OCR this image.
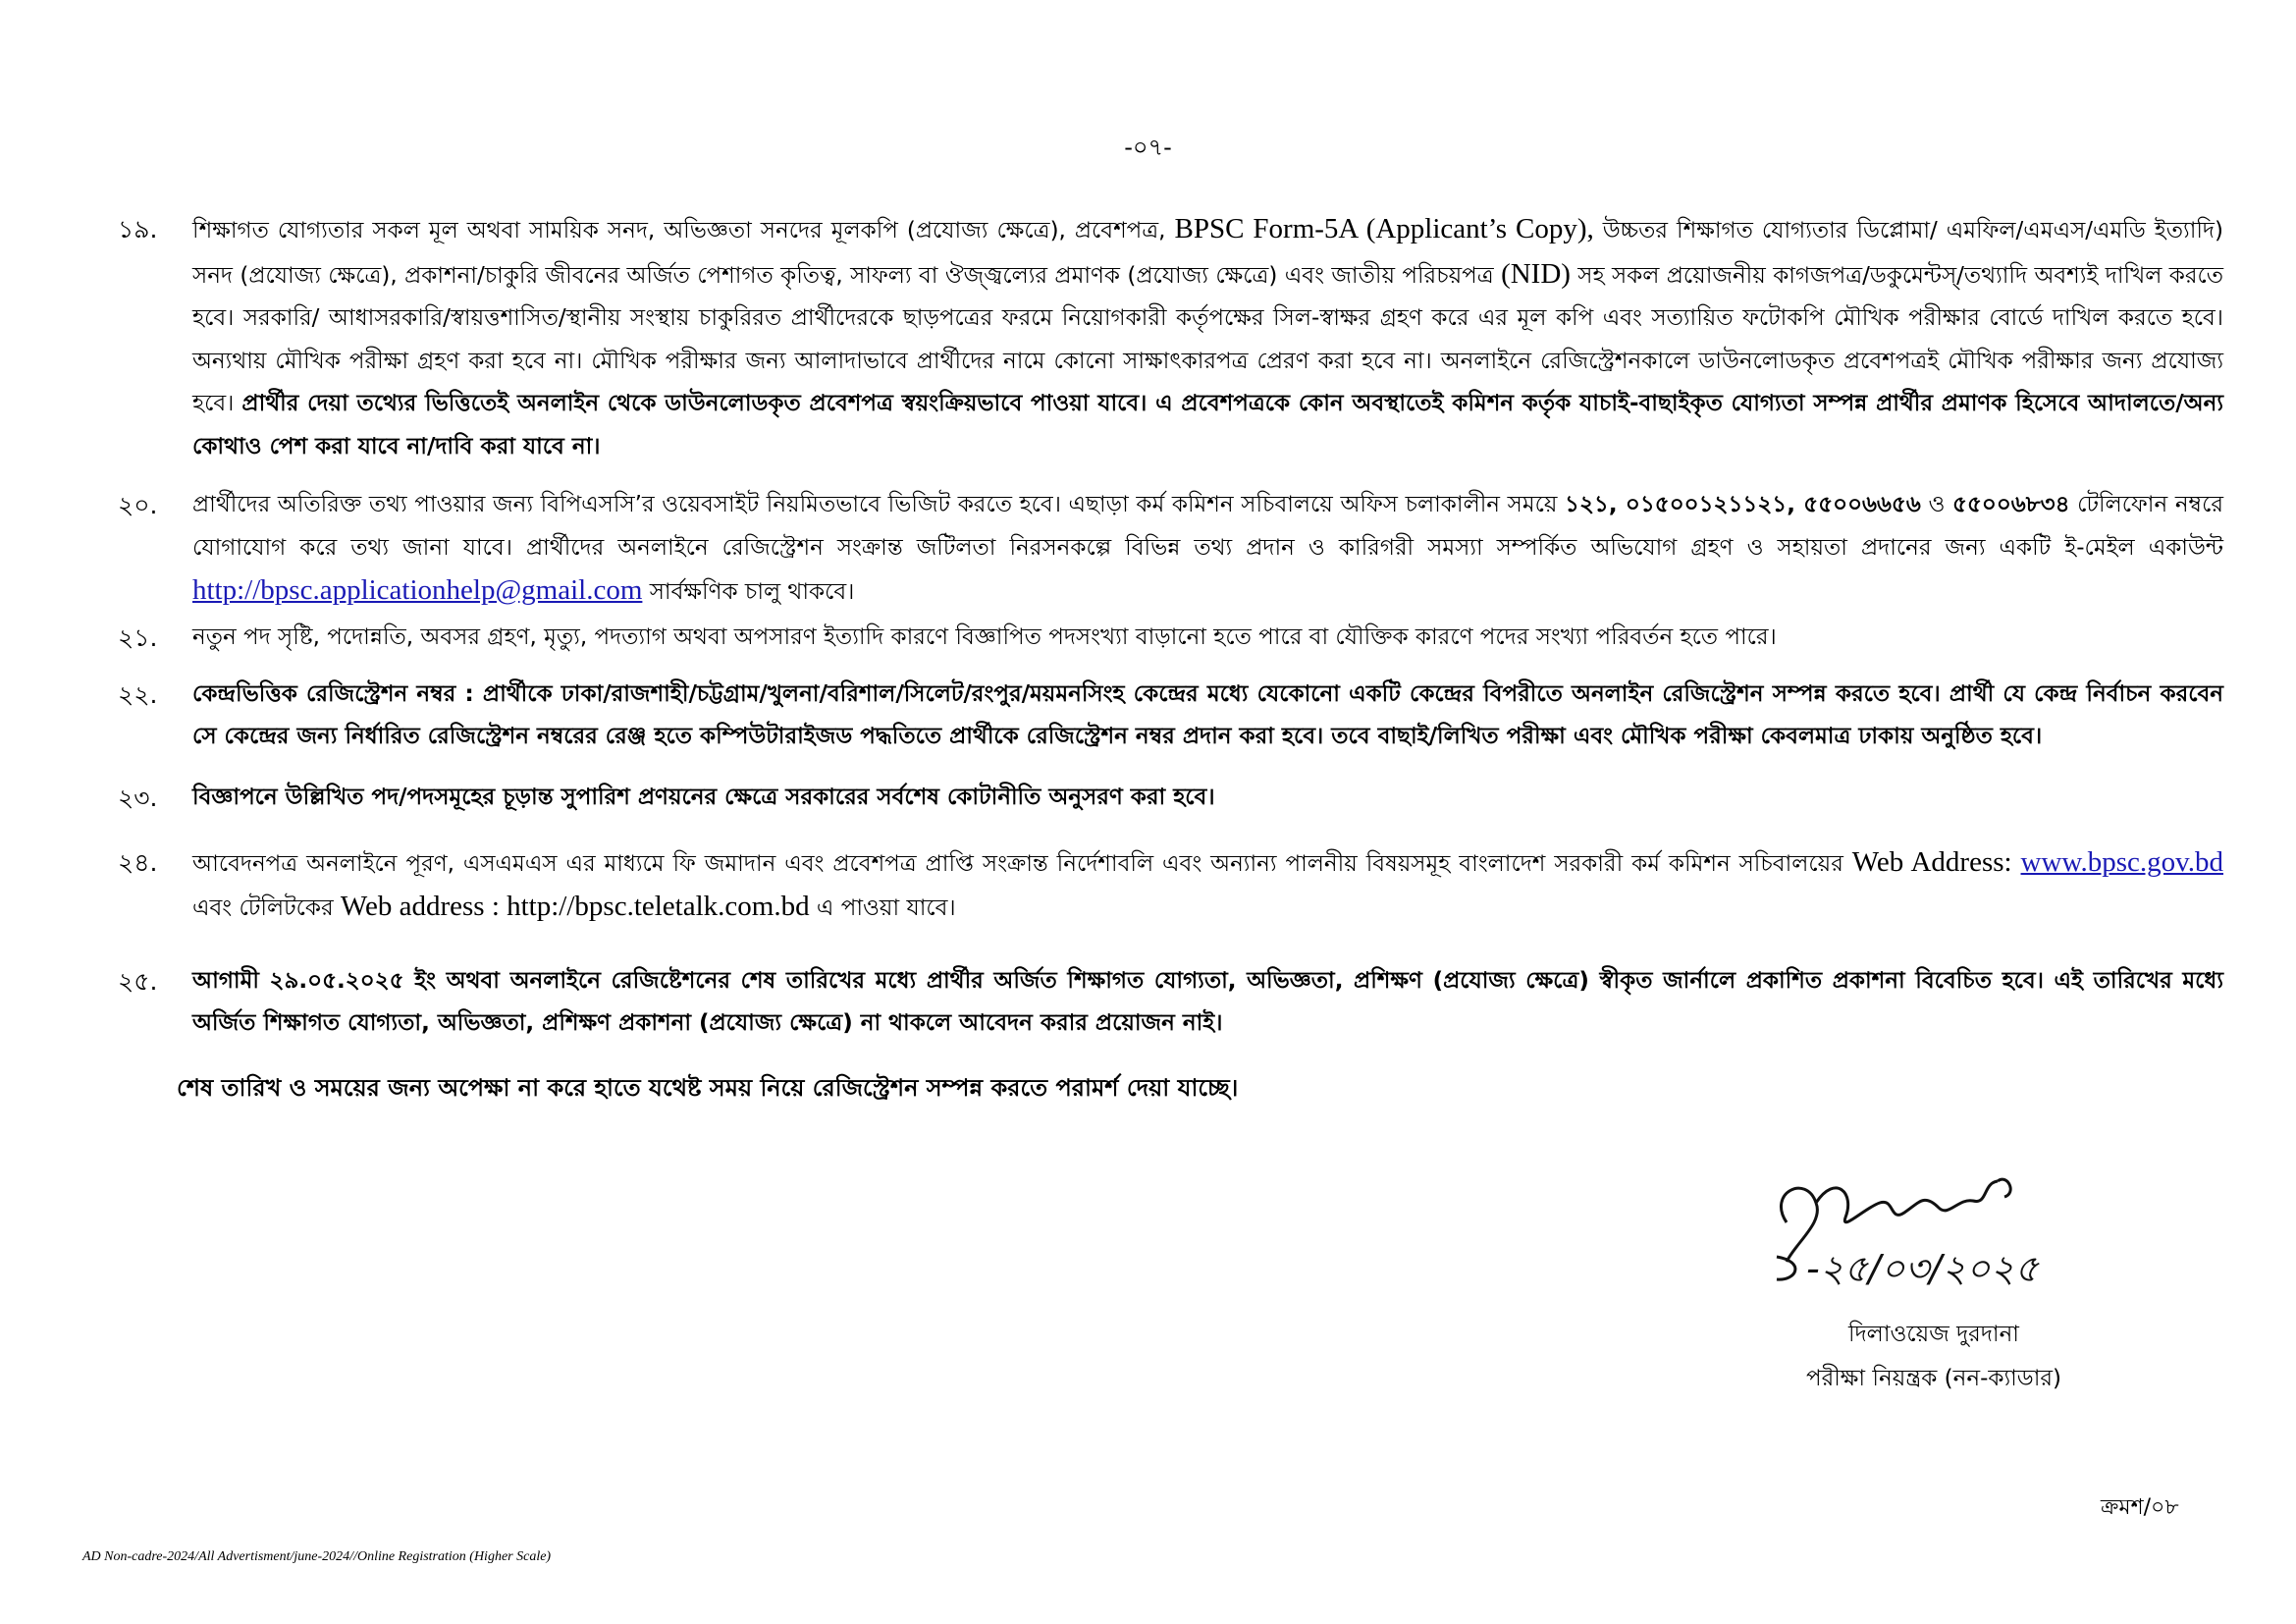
-০৭-
১৯.	শিক্ষাগত যোগ্যতার সকল মূল অথবা সাময়িক সনদ, অভিজ্ঞতা সনদের মূলকপি (প্রযোজ্য ক্ষেত্রে), প্রবেশপত্র, BPSC Form-5A (Applicant’s Copy), উচ্চতর শিক্ষাগত যোগ্যতার ডিপ্লোমা/ এমফিল/এমএস/এমডি ইত্যাদি) সনদ (প্রযোজ্য ক্ষেত্রে), প্রকাশনা/চাকুরি জীবনের অর্জিত পেশাগত কৃতিত্ব, সাফল্য বা ঔজ্জ্বল্যের প্রমাণক (প্রযোজ্য ক্ষেত্রে) এবং জাতীয় পরিচয়পত্র (NID) সহ সকল প্রয়োজনীয় কাগজপত্র/ডকুমেন্টস্/তথ্যাদি অবশ্যই দাখিল করতে হবে। সরকারি/ আধাসরকারি/স্বায়ত্তশাসিত/স্থানীয় সংস্থায় চাকুরিরত প্রার্থীদেরকে ছাড়পত্রের ফরমে নিয়োগকারী কর্তৃপক্ষের সিল-স্বাক্ষর গ্রহণ করে এর মূল কপি এবং সত্যায়িত ফটোকপি মৌখিক পরীক্ষার বোর্ডে দাখিল করতে হবে। অন্যথায় মৌখিক পরীক্ষা গ্রহণ করা হবে না। মৌখিক পরীক্ষার জন্য আলাদাভাবে প্রার্থীদের নামে কোনো সাক্ষাৎকারপত্র প্রেরণ করা হবে না। অনলাইনে রেজিস্ট্রেশনকালে ডাউনলোডকৃত প্রবেশপত্রই মৌখিক পরীক্ষার জন্য প্রযোজ্য হবে। প্রার্থীর দেয়া তথ্যের ভিত্তিতেই অনলাইন থেকে ডাউনলোডকৃত প্রবেশপত্র স্বয়ংক্রিয়ভাবে পাওয়া যাবে। এ প্রবেশপত্রকে কোন অবস্থাতেই কমিশন কর্তৃক যাচাই-বাছাইকৃত যোগ্যতা সম্পন্ন প্রার্থীর প্রমাণক হিসেবে আদালতে/অন্য কোথাও পেশ করা যাবে না/দাবি করা যাবে না।
২০.	প্রার্থীদের অতিরিক্ত তথ্য পাওয়ার জন্য বিপিএসসি’র ওয়েবসাইট নিয়মিতভাবে ভিজিট করতে হবে। এছাড়া কর্ম কমিশন সচিবালয়ে অফিস চলাকালীন সময়ে ১২১, ০১৫০০১২১১২১, ৫৫০০৬৬৫৬ ও ৫৫০০৬৮৩৪ টেলিফোন নম্বরে যোগাযোগ করে তথ্য জানা যাবে। প্রার্থীদের অনলাইনে রেজিস্ট্রেশন সংক্রান্ত জটিলতা নিরসনকল্পে বিভিন্ন তথ্য প্রদান ও কারিগরী সমস্যা সম্পর্কিত অভিযোগ গ্রহণ ও সহায়তা প্রদানের জন্য একটি ই-মেইল একাউন্ট http://bpsc.applicationhelp@gmail.com সার্বক্ষণিক চালু থাকবে।
২১.	নতুন পদ সৃষ্টি, পদোন্নতি, অবসর গ্রহণ, মৃত্যু, পদত্যাগ অথবা অপসারণ ইত্যাদি কারণে বিজ্ঞাপিত পদসংখ্যা বাড়ানো হতে পারে বা যৌক্তিক কারণে পদের সংখ্যা পরিবর্তন হতে পারে।
২২.	কেন্দ্রভিত্তিক রেজিস্ট্রেশন নম্বর : প্রার্থীকে ঢাকা/রাজশাহী/চট্টগ্রাম/খুলনা/বরিশাল/সিলেট/রংপুর/ময়মনসিংহ কেন্দ্রের মধ্যে যেকোনো একটি কেন্দ্রের বিপরীতে অনলাইন রেজিস্ট্রেশন সম্পন্ন করতে হবে। প্রার্থী যে কেন্দ্র নির্বাচন করবেন সে কেন্দ্রের জন্য নির্ধারিত রেজিস্ট্রেশন নম্বরের রেঞ্জ হতে কম্পিউটারাইজড পদ্ধতিতে প্রার্থীকে রেজিস্ট্রেশন নম্বর প্রদান করা হবে। তবে বাছাই/লিখিত পরীক্ষা এবং মৌখিক পরীক্ষা কেবলমাত্র ঢাকায় অনুষ্ঠিত হবে।
২৩.	বিজ্ঞাপনে উল্লিখিত পদ/পদসমূহের চূড়ান্ত সুপারিশ প্রণয়নের ক্ষেত্রে সরকারের সর্বশেষ কোটানীতি অনুসরণ করা হবে।
২৪.	আবেদনপত্র অনলাইনে পূরণ, এসএমএস এর মাধ্যমে ফি জমাদান এবং প্রবেশপত্র প্রাপ্তি সংক্রান্ত নির্দেশাবলি এবং অন্যান্য পালনীয় বিষয়সমূহ বাংলাদেশ সরকারী কর্ম কমিশন সচিবালয়ের Web Address: www.bpsc.gov.bd এবং টেলিটকের Web address : http://bpsc.teletalk.com.bd এ পাওয়া যাবে।
২৫.	আগামী ২৯.০৫.২০২৫ ইং অথবা অনলাইনে রেজিষ্টেশনের শেষ তারিখের মধ্যে প্রার্থীর অর্জিত শিক্ষাগত যোগ্যতা, অভিজ্ঞতা, প্রশিক্ষণ (প্রযোজ্য ক্ষেত্রে) স্বীকৃত জার্নালে প্রকাশিত প্রকাশনা বিবেচিত হবে। এই তারিখের মধ্যে অর্জিত শিক্ষাগত যোগ্যতা, অভিজ্ঞতা, প্রশিক্ষণ প্রকাশনা (প্রযোজ্য ক্ষেত্রে) না থাকলে আবেদন করার প্রয়োজন নাই।
শেষ তারিখ ও সময়ের জন্য অপেক্ষা না করে হাতে যথেষ্ট সময় নিয়ে রেজিস্ট্রেশন সম্পন্ন করতে পরামর্শ দেয়া যাচ্ছে।
-২৫/০৩/২০২৫
দিলাওয়েজ দুরদানা
পরীক্ষা নিয়ন্ত্রক (নন-ক্যাডার)
ক্রমশ/০৮
AD Non-cadre-2024/All Advertisment/june-2024//Online Registration (Higher Scale)
